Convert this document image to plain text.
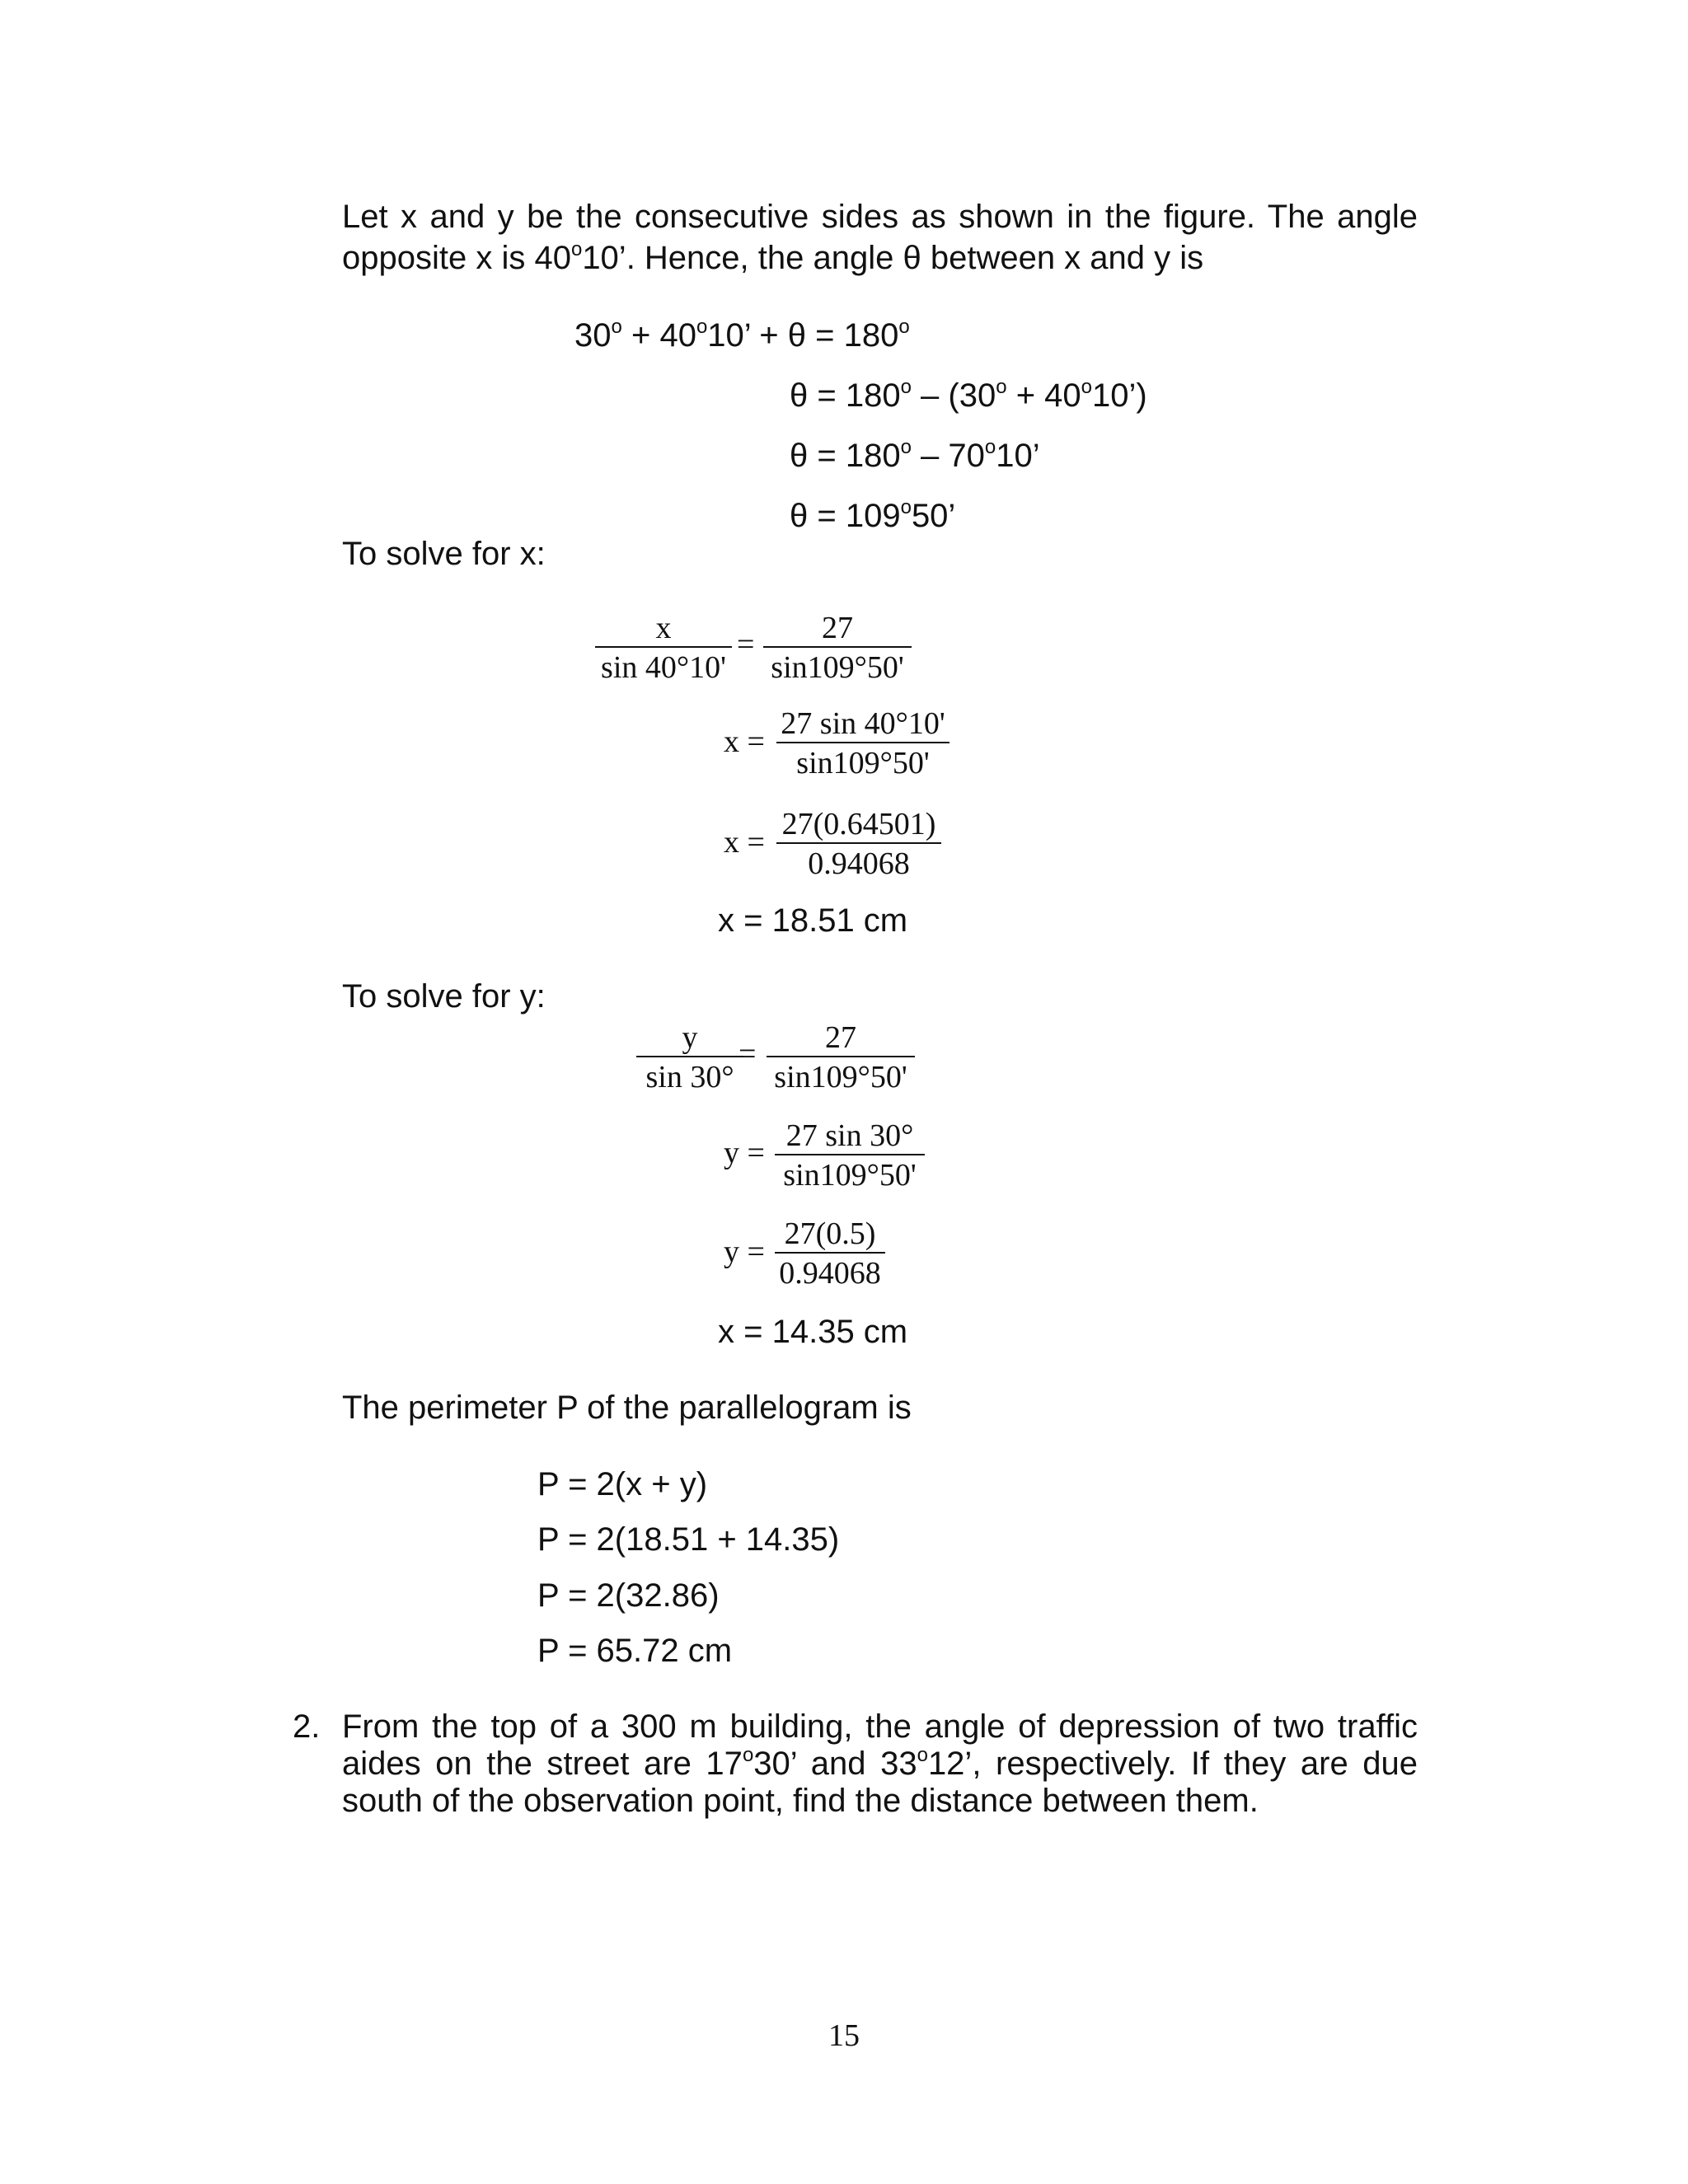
Let x and y be the consecutive sides as shown in the figure. The angle
opposite x is 40$^o$10’. Hence, the angle θ between x and y is
$30^o + 40^o10$’ + $\theta = 180^o$
$\theta = 180^o - (30^o$ + $40^o10$’)
$\theta = 180^o - 70^o10$’
$\theta = 109^o50$’
To solve for x:
x
sin 40°10'
=	27
sin109°50'
x =
27 sin 40°10'
sin109°50'
x =
27(0.64501)
0.94068
x = 18.51 cm
To solve for y:
y
sin 30°
=	27
sin109°50'
y = 27 sin 30°
sin109°50'
y =
27(0.5)
0.94068
x = 14.35 cm
The perimeter P of the parallelogram is
P = 2(x + y)
P = 2(18.51 + 14.35)
P = 2(32.86)
P = 65.72 cm
2. From the top of a 300 m building, the angle of depression of two traffic
aides on the street are 17$^o$30’ and 33$^o$12’, respectively. If they are due
south of the observation point, find the distance between them.
15
